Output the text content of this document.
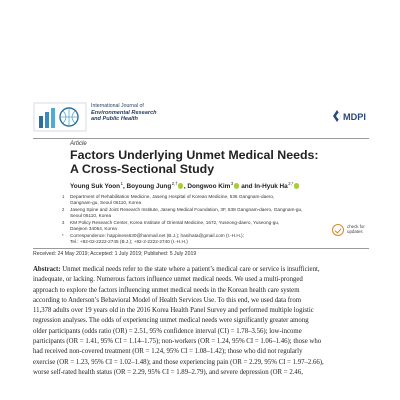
International Journal of
Environmental Research
and Public Health	MDPI
Article
Factors Underlying Unmet Medical Needs:
A Cross-Sectional Study
Young Suk Yoon $^1$, Boyoung Jung $^{2,\dagger}$ , Dongwoo Kim $^3$ and In-Hyuk Ha $^{2,*}$
1 Department of Rehabilitation Medicine, Jaseng Hospital of Korean Medicine, 536 Gangnam-daero,
Gangnam-gu, Seoul 06110, Korea
2 Jaseng Spine and Joint Research Institute, Jaseng Medical Foundation, 3F, 538 Gangnam-daero, Gangnam-gu,
Seoul 06110, Korea
3 KM Policy Research Center, Korea Institute of Oriental Medicine, 1672, Yuseong-daero, Yuseong-gu,
Daejeon 34054, Korea
* Correspondence: happiness630@hanmail.net (B.J.); hanihata@gmail.com (I.-H.H.);
Tel.: +82-02-2222-2745 (B.J.); +82-2-2222-2740 (I.-H.H.)
check for
updates
Received: 24 May 2019; Accepted: 1 July 2019; Published: 5 July 2019
Abstract: Unmet medical needs refer to the state where a patient’s medical care or service is insufficient,
inadequate, or lacking. Numerous factors influence unmet medical needs. We used a multi-pronged
approach to explore the factors influencing unmet medical needs in the Korean health care system
according to Anderson’s Behavioral Model of Health Services Use. To this end, we used data from
11,378 adults over 19 years old in the 2016 Korea Health Panel Survey and performed multiple logistic
regression analyses. The odds of experiencing unmet medical needs were significantly greater among
older participants (odds ratio (OR) = 2.51, 95% confidence interval (CI) = 1.78–3.56); low-income
participants (OR = 1.41, 95% CI = 1.14–1.75); non-workers (OR = 1.24, 95% CI = 1.06–1.46); those who
had received non-covered treatment (OR = 1.24, 95% CI = 1.08–1.42); those who did not regularly
exercise (OR = 1.23, 95% CI = 1.02–1.48); and those experiencing pain (OR = 2.29, 95% CI = 1.97–2.66),
worse self-rated health status (OR = 2.29, 95% CI = 1.89–2.79), and severe depression (OR = 2.46,
